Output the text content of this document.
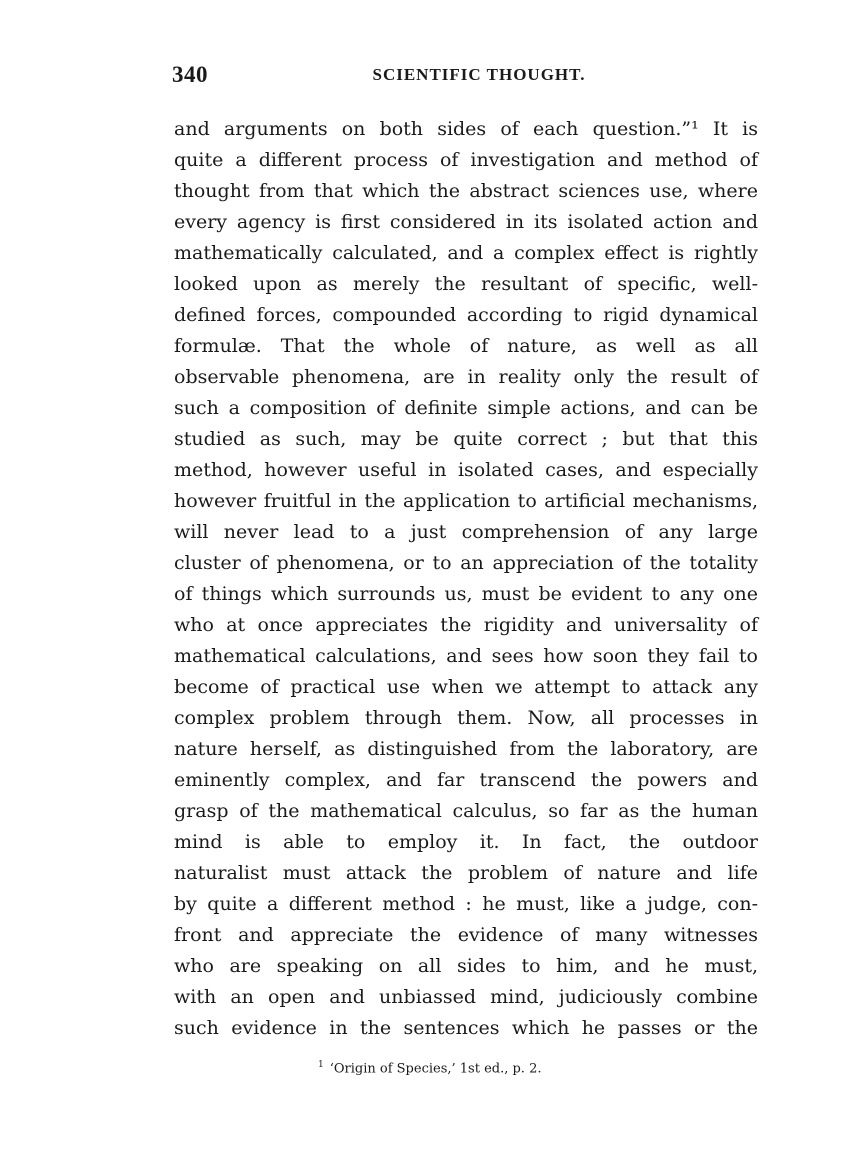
340	SCIENTIFIC THOUGHT.
and arguments on both sides of each question.”¹ It is
quite a different process of investigation and method of
thought from that which the abstract sciences use, where
every agency is first considered in its isolated action and
mathematically calculated, and a complex effect is rightly
looked upon as merely the resultant of specific, well-
defined forces, compounded according to rigid dynamical
formulæ. That the whole of nature, as well as all
observable phenomena, are in reality only the result of
such a composition of definite simple actions, and can be
studied as such, may be quite correct ; but that this
method, however useful in isolated cases, and especially
however fruitful in the application to artificial mechanisms,
will never lead to a just comprehension of any large
cluster of phenomena, or to an appreciation of the totality
of things which surrounds us, must be evident to any one
who at once appreciates the rigidity and universality of
mathematical calculations, and sees how soon they fail to
become of practical use when we attempt to attack any
complex problem through them. Now, all processes in
nature herself, as distinguished from the laboratory, are
eminently complex, and far transcend the powers and
grasp of the mathematical calculus, so far as the human
mind is able to employ it. In fact, the outdoor
naturalist must attack the problem of nature and life
by quite a different method : he must, like a judge, con-
front and appreciate the evidence of many witnesses
who are speaking on all sides to him, and he must,
with an open and unbiassed mind, judiciously combine
such evidence in the sentences which he passes or the
$^1$ ‘Origin of Species,’ 1st ed., p. 2.
